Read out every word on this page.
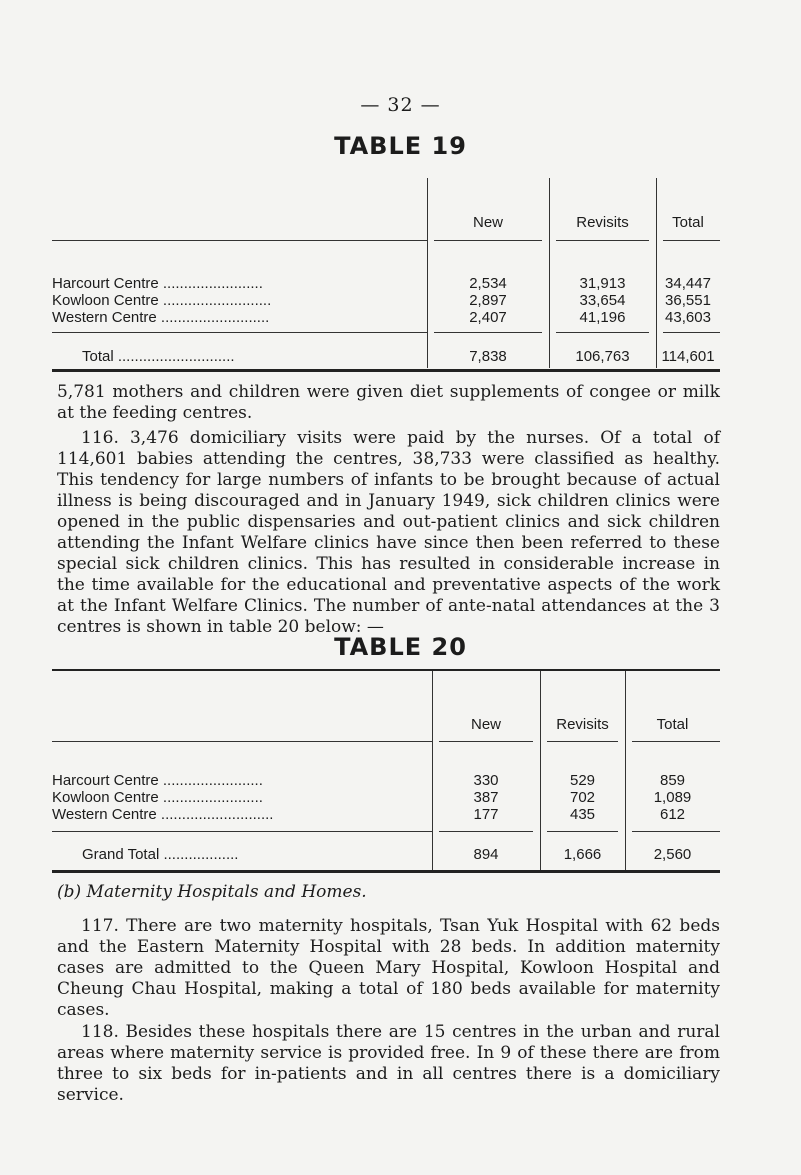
— 32 —
TABLE 19
New	Revisits	Total
Harcourt Centre ........................	2,534	31,913	34,447
Kowloon Centre ..........................	2,897	33,654	36,551
Western Centre ..........................	2,407	41,196	43,603
Total ............................	7,838	106,763	114,601

5,781 mothers and children were given diet supplements of congee or milk at the feeding centres.

116. 3,476 domiciliary visits were paid by the nurses. Of a total of 114,601 babies attending the centres, 38,733 were classified as healthy. This tendency for large numbers of infants to be brought because of actual illness is being discouraged and in January 1949, sick children clinics were opened in the public dispensaries and out-patient clinics and sick children attending the Infant Welfare clinics have since then been referred to these special sick children clinics. This has resulted in considerable increase in the time available for the educational and preventative aspects of the work at the Infant Welfare Clinics. The number of ante-natal attendances at the 3 centres is shown in table 20 below: —

TABLE 20
New	Revisits	Total
Harcourt Centre ........................	330	529	859
Kowloon Centre ........................	387	702	1,089
Western Centre ...........................	177	435	612
Grand Total ..................	894	1,666	2,560

(b) Maternity Hospitals and Homes.

117. There are two maternity hospitals, Tsan Yuk Hospital with 62 beds and the Eastern Maternity Hospital with 28 beds. In addition maternity cases are admitted to the Queen Mary Hospital, Kowloon Hospital and Cheung Chau Hospital, making a total of 180 beds available for maternity cases.

118. Besides these hospitals there are 15 centres in the urban and rural areas where maternity service is provided free. In 9 of these there are from three to six beds for in-patients and in all centres there is a domiciliary service.
